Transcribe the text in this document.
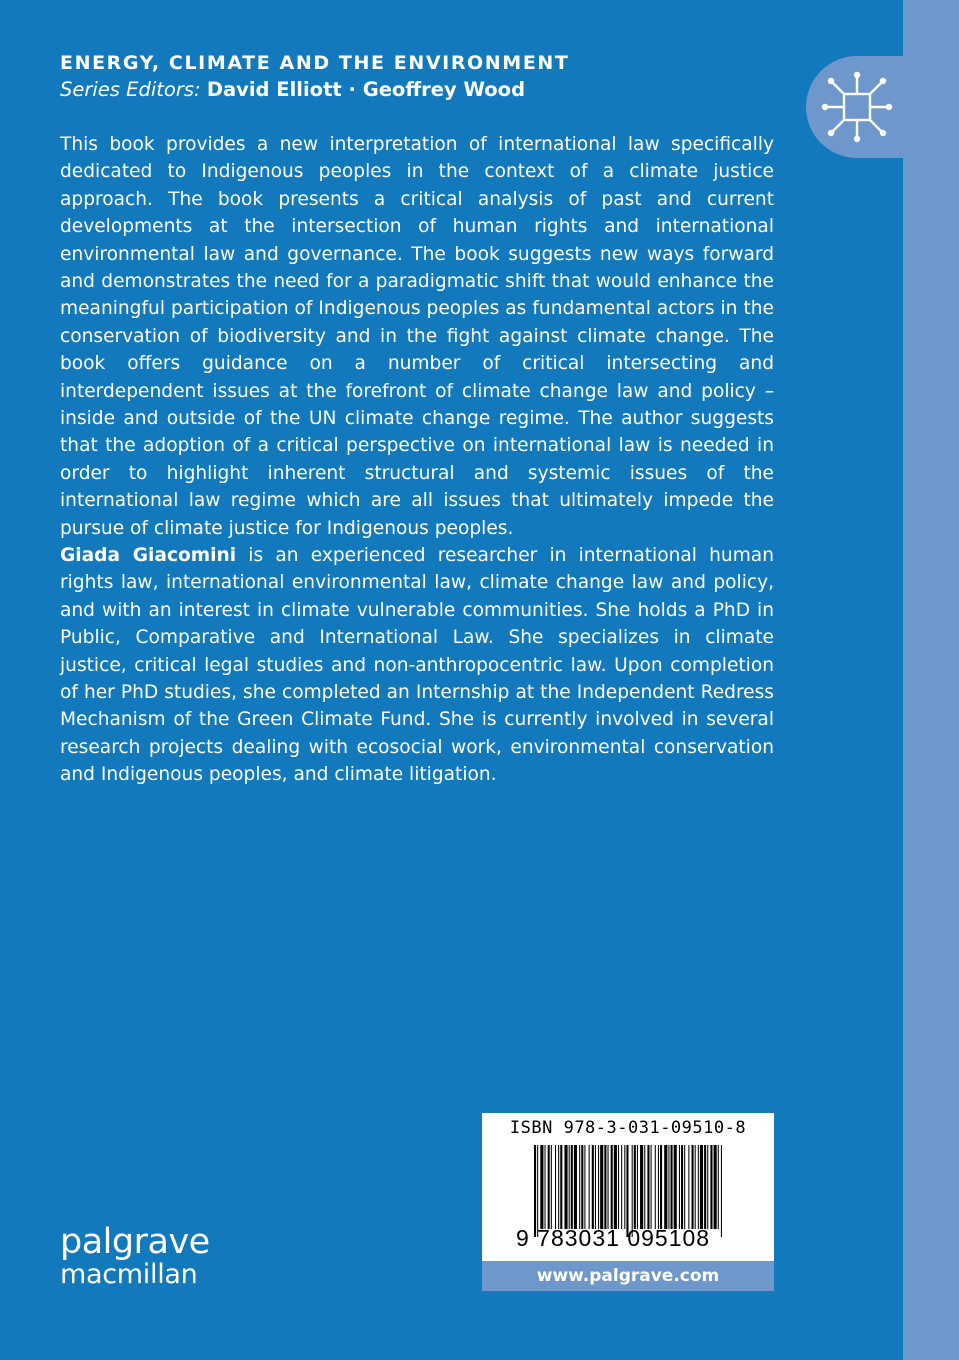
ENERGY, CLIMATE AND THE ENVIRONMENT
Series Editors: David Elliott · Geoffrey Wood

This book provides a new interpretation of international law specifically dedicated to Indigenous peoples in the context of a climate justice approach. The book presents a critical analysis of past and current developments at the intersection of human rights and international environmental law and governance. The book suggests new ways forward and demonstrates the need for a paradigmatic shift that would enhance the meaningful participation of Indigenous peoples as fundamental actors in the conservation of biodiversity and in the fight against climate change. The book offers guidance on a number of critical intersecting and interdependent issues at the forefront of climate change law and policy – inside and outside of the UN climate change regime. The author suggests that the adoption of a critical perspective on international law is needed in order to highlight inherent structural and systemic issues of the international law regime which are all issues that ultimately impede the pursue of climate justice for Indigenous peoples.

Giada Giacomini is an experienced researcher in international human rights law, international environmental law, climate change law and policy, and with an interest in climate vulnerable communities. She holds a PhD in Public, Comparative and International Law. She specializes in climate justice, critical legal studies and non-anthropocentric law. Upon completion of her PhD studies, she completed an Internship at the Independent Redress Mechanism of the Green Climate Fund. She is currently involved in several research projects dealing with ecosocial work, environmental conservation and Indigenous peoples, and climate litigation.

ISBN 978-3-031-09510-8
9 783031 095108
www.palgrave.com
palgrave
macmillan
